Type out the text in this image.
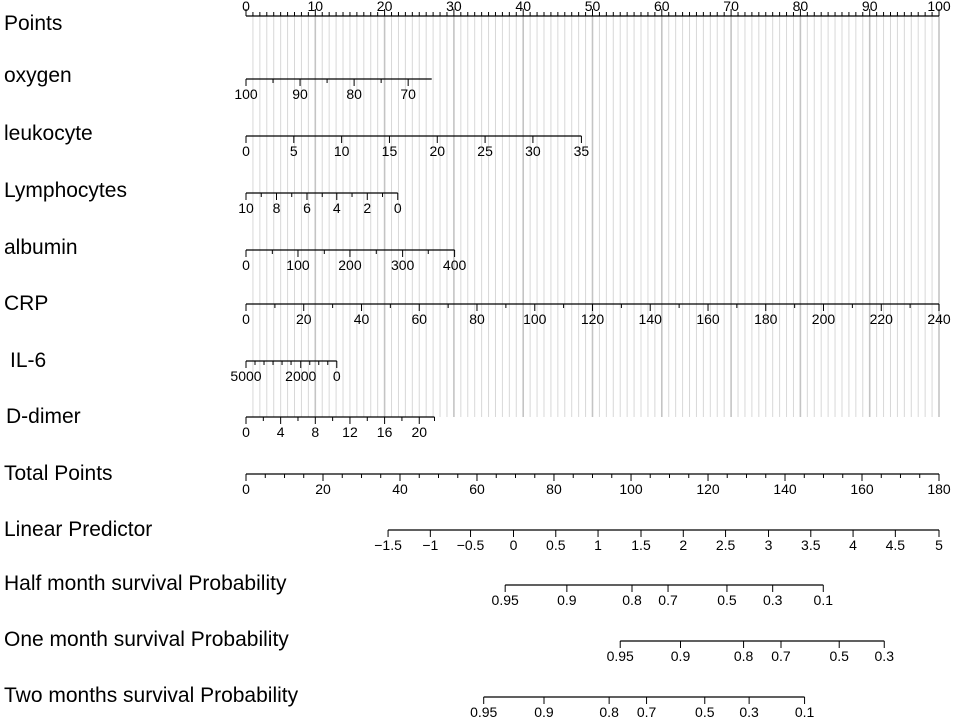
Points
0	10	20	30	40	50	60	70	80	90	100
oxygen
100 90	80	70
leukocyte
0	5	10 15 20 25 30 35
Lymphocytes
10 8 6 4 2 0
albumin
0	100 200 300 400
CRP
0	20	40	60	80	100 120 140 160 180 200 220 240
IL-6
5000 2000 0
D-dimer
0 4 8 12 16 20
Total Points
0	20	40	60	80	100	120	140	160	180
Linear Predictor
−1.5 −1 −0.5 0 0.5 1 1.5 2 2.5 3 3.5 4 4.5 5
Half month survival Probability
0.95	0.9	0.8 0.7	0.5 0.3 0.1
One month survival Probability
0.95	0.9	0.8 0.7	0.5 0.3
Two months survival Probability
0.95	0.9	0.8 0.7	0.5 0.3	0.1
